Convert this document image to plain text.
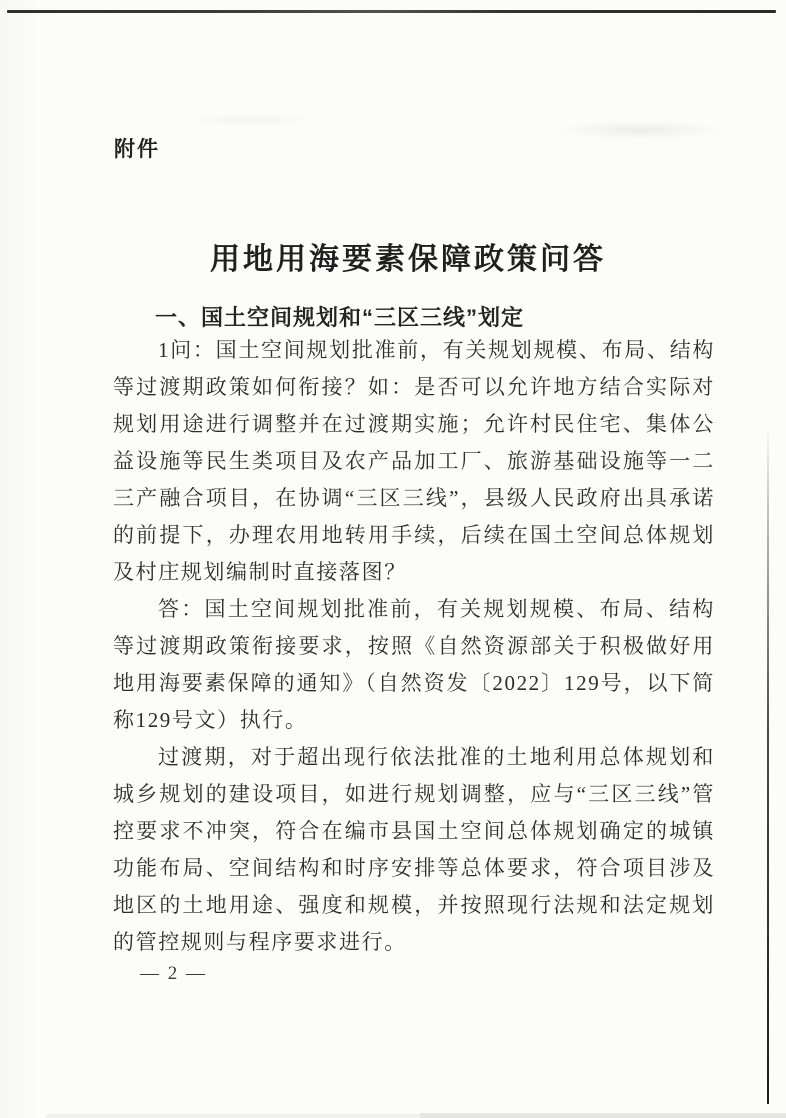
附件
用地用海要素保障政策问答
一、国土空间规划和“三区三线”划定

1问：国土空间规划批准前，有关规划规模、布局、结构等过渡期政策如何衔接？如：是否可以允许地方结合实际对规划用途进行调整并在过渡期实施；允许村民住宅、集体公益设施等民生类项目及农产品加工厂、旅游基础设施等一二三产融合项目，在协调“三区三线”，县级人民政府出具承诺的前提下，办理农用地转用手续，后续在国土空间总体规划及村庄规划编制时直接落图？

答：国土空间规划批准前，有关规划规模、布局、结构等过渡期政策衔接要求，按照《自然资源部关于积极做好用地用海要素保障的通知》（自然资发〔2022〕129号，以下简称129号文）执行。

过渡期，对于超出现行依法批准的土地利用总体规划和城乡规划的建设项目，如进行规划调整，应与“三区三线”管控要求不冲突，符合在编市县国土空间总体规划确定的城镇功能布局、空间结构和时序安排等总体要求，符合项目涉及地区的土地用途、强度和规模，并按照现行法规和法定规划的管控规则与程序要求进行。

— 2 —
